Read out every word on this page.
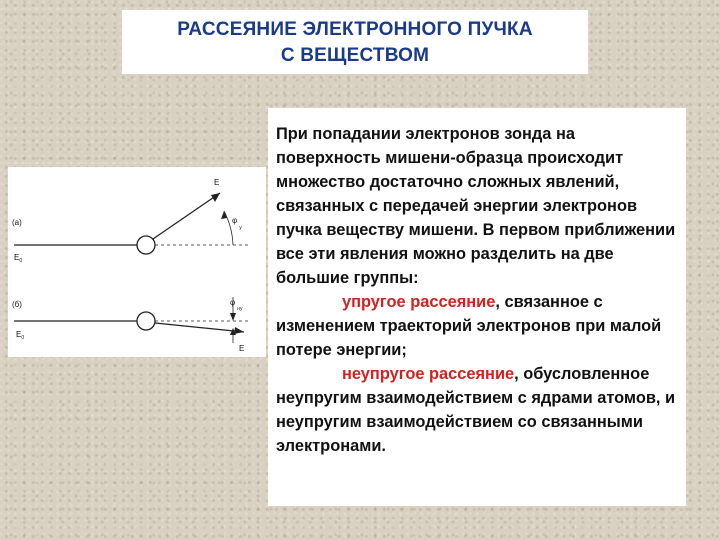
РАССЕЯНИЕ ЭЛЕКТРОННОГО ПУЧКА
С ВЕЩЕСТВОМ
(а)
$E_0$
E
$\varphi_у$
(б)
$E_0$
E
$\varphi_{ну}$

При попадании электронов зонда на поверхность мишени-образца происходит множество достаточно сложных явлений, связанных с передачей энергии электронов пучка веществу мишени. В первом приближении все эти явления можно разделить на две большие группы:
упругое рассеяние, связанное с изменением траекторий электронов при малой потере энергии;
неупругое рассеяние, обусловленное неупругим взаимодействием с ядрами атомов, и неупругим взаимодействием со связанными электронами.
